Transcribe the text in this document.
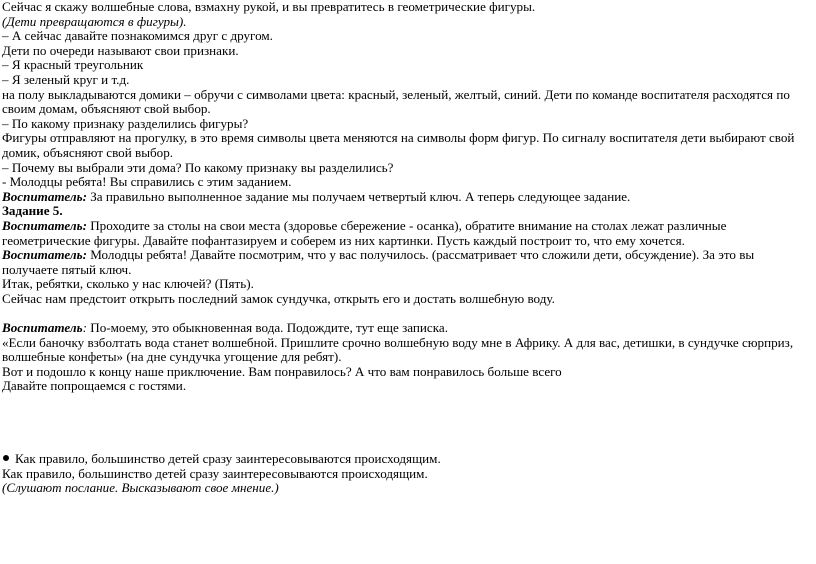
Сейчас я скажу волшебные слова, взмахну рукой, и вы превратитесь в геометрические фигуры.
(Дети превращаются в фигуры).
– А сейчас давайте познакомимся друг с другом.
Дети по очереди называют свои признаки.
– Я красный треугольник
– Я зеленый круг и т.д.
на полу выкладываются домики – обручи с символами цвета: красный, зеленый, желтый, синий. Дети по команде воспитателя расходятся по своим домам, объясняют свой выбор.
– По какому признаку разделились фигуры?
Фигуры отправляют на прогулку, в это время символы цвета меняются на символы форм фигур. По сигналу воспитателя дети выбирают свой домик, объясняют свой выбор.
– Почему вы выбрали эти дома? По какому признаку вы разделились?
- Молодцы ребята! Вы справились с этим заданием.
Воспитатель: За правильно выполненное задание мы получаем четвертый ключ. А теперь следующее задание.
Задание 5.
Воспитатель: Проходите за столы на свои места (здоровье сбережение - осанка), обратите внимание на столах лежат различные геометрические фигуры. Давайте пофантазируем и соберем из них картинки. Пусть каждый построит то, что ему хочется.
Воспитатель: Молодцы ребята! Давайте посмотрим, что у вас получилось. (рассматривает что сложили дети, обсуждение). За это вы получаете пятый ключ.
Итак, ребятки, сколько у нас ключей? (Пять).
Сейчас нам предстоит открыть последний замок сундучка, открыть его и достать волшебную воду.
Воспитатель: По-моему, это обыкновенная вода. Подождите, тут еще записка.
«Если баночку взболтать вода станет волшебной. Пришлите срочно волшебную воду мне в Африку. А для вас, детишки, в сундучке сюрприз, волшебные конфеты» (на дне сундучка угощение для ребят).
Вот и подошло к концу наше приключение. Вам понравилось? А что вам понравилось больше всего
Давайте попрощаемся с гостями.
Как правило, большинство детей сразу заинтересовываются происходящим.
Как правило, большинство детей сразу заинтересовываются происходящим.
(Слушают послание. Высказывают свое мнение.)
